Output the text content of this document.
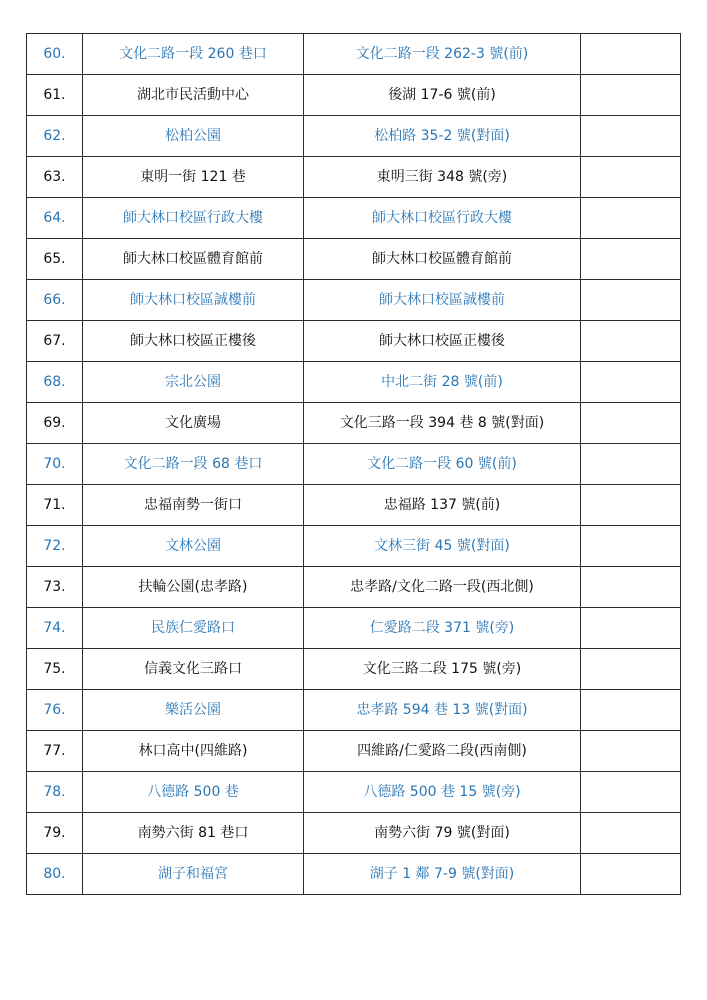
60.	文化二路一段 260 巷口	文化二路一段 262-3 號(前)	
61.	湖北市民活動中心	後湖 17-6 號(前)	
62.	松柏公園	松柏路 35-2 號(對面)	
63.	東明一街 121 巷	東明三街 348 號(旁)	
64.	師大林口校區行政大樓	師大林口校區行政大樓	
65.	師大林口校區體育館前	師大林口校區體育館前	
66.	師大林口校區誠樓前	師大林口校區誠樓前	
67.	師大林口校區正樓後	師大林口校區正樓後	
68.	宗北公園	中北二街 28 號(前)	
69.	文化廣場	文化三路一段 394 巷 8 號(對面)	
70.	文化二路一段 68 巷口	文化二路一段 60 號(前)	
71.	忠福南勢一街口	忠福路 137 號(前)	
72.	文林公園	文林三街 45 號(對面)	
73.	扶輪公園(忠孝路)	忠孝路/文化二路一段(西北側)	
74.	民族仁愛路口	仁愛路二段 371 號(旁)	
75.	信義文化三路口	文化三路二段 175 號(旁)	
76.	樂活公園	忠孝路 594 巷 13 號(對面)	
77.	林口高中(四維路)	四維路/仁愛路二段(西南側)	
78.	八德路 500 巷	八德路 500 巷 15 號(旁)	
79.	南勢六街 81 巷口	南勢六街 79 號(對面)	
80.	湖子和福宮	湖子 1 鄰 7-9 號(對面)	
